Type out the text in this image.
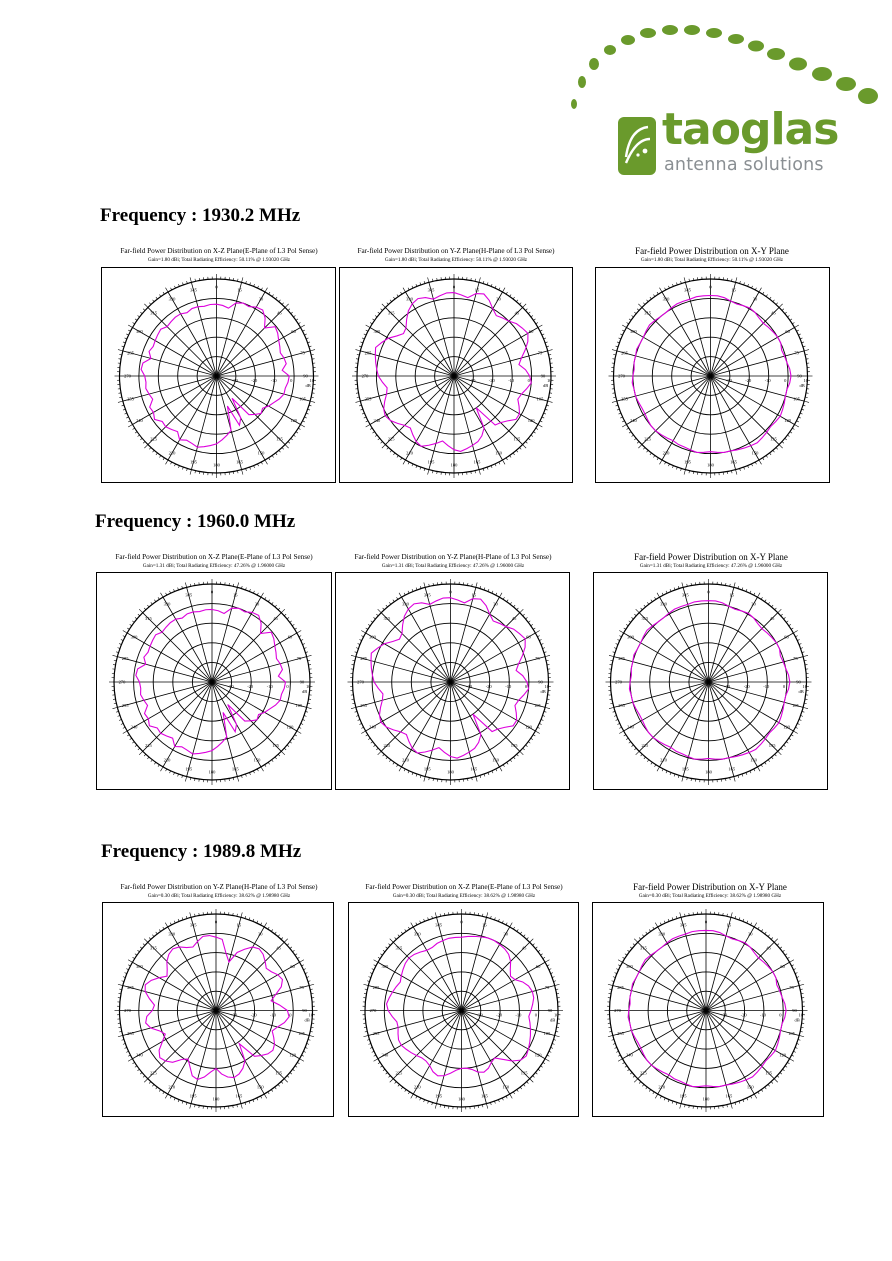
taoglas
antenna solutions
Frequency : 1930.2 MHz
Frequency : 1960.0 MHz
Frequency : 1989.8 MHz
Far-field Power Distribution on X-Z Plane(E-Plane of L3 Pol Sense)
Gain=1.80 dBi; Total Radiating Efficiency: 50.11% @ 1.93020 GHz
Far-field Power Distribution on Y-Z Plane(H-Plane of L3 Pol Sense)
Gain=1.80 dBi; Total Radiating Efficiency: 50.11% @ 1.93020 GHz
Far-field Power Distribution on X-Y Plane
Gain=1.80 dBi; Total Radiating Efficiency: 50.11% @ 1.93020 GHz
Far-field Power Distribution on X-Z Plane(E-Plane of L3 Pol Sense)
Gain=1.31 dBi; Total Radiating Efficiency: 47.26% @ 1.96000 GHz
Far-field Power Distribution on Y-Z Plane(H-Plane of L3 Pol Sense)
Gain=1.31 dBi; Total Radiating Efficiency: 47.26% @ 1.96000 GHz
Far-field Power Distribution on X-Y Plane
Gain=1.31 dBi; Total Radiating Efficiency: 47.26% @ 1.96000 GHz
Far-field Power Distribution on Y-Z Plane(H-Plane of L3 Pol Sense)
Gain=0.30 dBi; Total Radiating Efficiency: 38.62% @ 1.98980 GHz
Far-field Power Distribution on X-Z Plane(E-Plane of L3 Pol Sense)
Gain=0.30 dBi; Total Radiating Efficiency: 38.62% @ 1.98980 GHz
Far-field Power Distribution on X-Y Plane
Gain=0.30 dBi; Total Radiating Efficiency: 38.62% @ 1.98980 GHz
0
15
30
45
60
75
90
105
120
135
150
165
180
195
210
225
240
255
270
285
300
315
330
345
-30	-20	-10	0	10
dB
0
15
30
45
60
75
90
105
120
135
150
165
180
195
210
225
240
255
270
285
300
315
330
345
-30	-20	-10	0	10
dB
0
15
30
45
60
75
90
105
120
135
150
165
180
195
210
225
240
255
270
285
300
315
330
345
-30	-20	-10	0	10
dB
0
15
30
45
60
75
90
105
120
135
150
165
180
195
210
225
240
255
270
285
300
315
330
345
-30	-20	-10	0	10
dB
0
15
30
45
60
75
90
105
120
135
150
165
180
195
210
225
240
255
270
285
300
315
330
345
-30	-20	-10	0	10
dB
0
15
30
45
60
75
90
105
120
135
150
165
180
195
210
225
240
255
270
285
300
315
330
345
-30	-20	-10	0	10
dB
0
15
30
45
60
75
90
105
120
135
150
165
180
195
210
225
240
255
270
285
300
315
330
345
-30	-20	-10	0	10
dB
0
15
30
45
60
75
90
105
120
135
150
165
180
195
210
225
240
255
270
285
300
315
330
345
-30	-20	-10	0	10
dB
0
15
30
45
60
75
90
105
120
135
150
165
180
195
210
225
240
255
270
285
300
315
330
345
-30	-20	-10	0	10
dB
